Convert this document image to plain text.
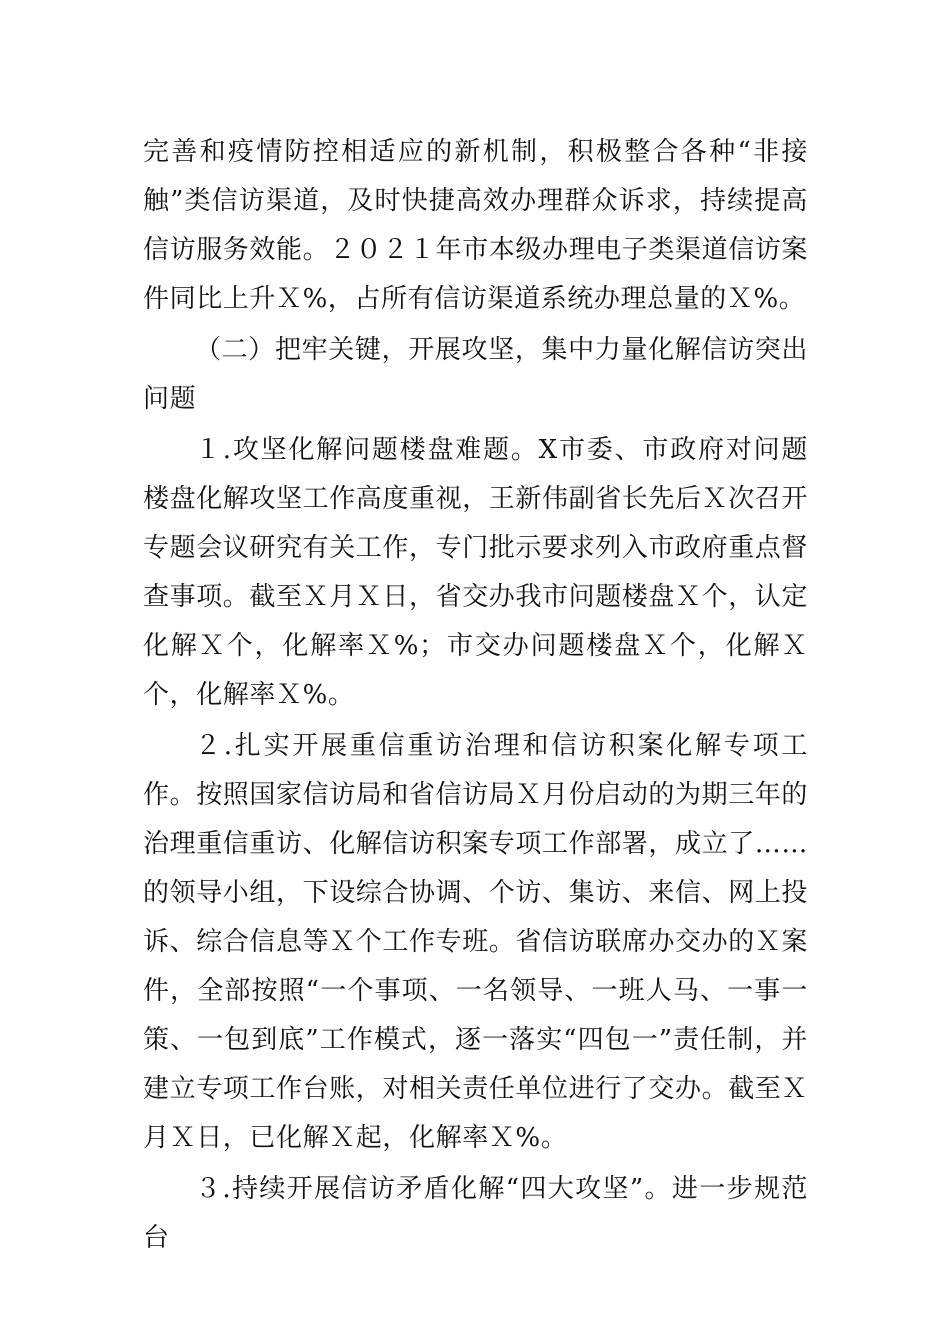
完善和疫情防控相适应的新机制，积极整合各种“非接触”类信访渠道，及时快捷高效办理群众诉求，持续提高信访服务效能。２０２１年市本级办理电子类渠道信访案件同比上升Ｘ%，占所有信访渠道系统办理总量的Ｘ%。

（二）把牢关键，开展攻坚，集中力量化解信访突出问题

１.攻坚化解问题楼盘难题。X市委、市政府对问题楼盘化解攻坚工作高度重视，王新伟副省长先后Ｘ次召开专题会议研究有关工作，专门批示要求列入市政府重点督查事项。截至Ｘ月Ｘ日，省交办我市问题楼盘Ｘ个，认定化解Ｘ个，化解率Ｘ%；市交办问题楼盘Ｘ个，化解Ｘ个，化解率Ｘ%。

２.扎实开展重信重访治理和信访积案化解专项工作。按照国家信访局和省信访局Ｘ月份启动的为期三年的治理重信重访、化解信访积案专项工作部署，成立了……的领导小组，下设综合协调、个访、集访、来信、网上投诉、综合信息等Ｘ个工作专班。省信访联席办交办的Ｘ案件，全部按照“一个事项、一名领导、一班人马、一事一策、一包到底”工作模式，逐一落实“四包一”责任制，并建立专项工作台账，对相关责任单位进行了交办。截至Ｘ月Ｘ日，已化解Ｘ起，化解率Ｘ%。

３.持续开展信访矛盾化解“四大攻坚”。进一步规范台
